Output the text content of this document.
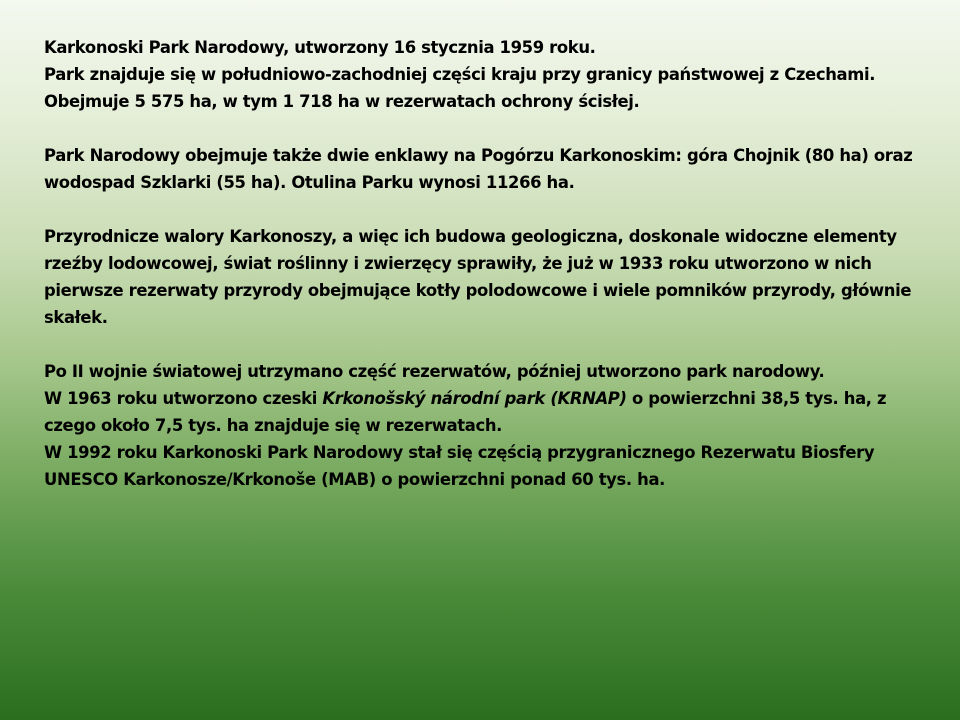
Karkonoski Park Narodowy, utworzony 16 stycznia 1959 roku.

Park znajduje się w południowo-zachodniej części kraju przy granicy państwowej z Czechami. Obejmuje 5 575 ha, w tym 1 718 ha w rezerwatach ochrony ścisłej.

Park Narodowy obejmuje także dwie enklawy na Pogórzu Karkonoskim: góra Chojnik (80 ha) oraz wodospad Szklarki (55 ha). Otulina Parku wynosi 11266 ha.

Przyrodnicze walory Karkonoszy, a więc ich budowa geologiczna, doskonale widoczne elementy rzeźby lodowcowej, świat roślinny i zwierzęcy sprawiły, że już w 1933 roku utworzono w nich pierwsze rezerwaty przyrody obejmujące kotły polodowcowe i wiele pomników przyrody, głównie skałek.

Po II wojnie światowej utrzymano część rezerwatów, później utworzono park narodowy.

W 1963 roku utworzono czeski Krkonošský národní park (KRNAP) o powierzchni 38,5 tys. ha, z czego około 7,5 tys. ha znajduje się w rezerwatach.

W 1992 roku Karkonoski Park Narodowy stał się częścią przygranicznego Rezerwatu Biosfery UNESCO Karkonosze/Krkonoše (MAB) o powierzchni ponad 60 tys. ha.
